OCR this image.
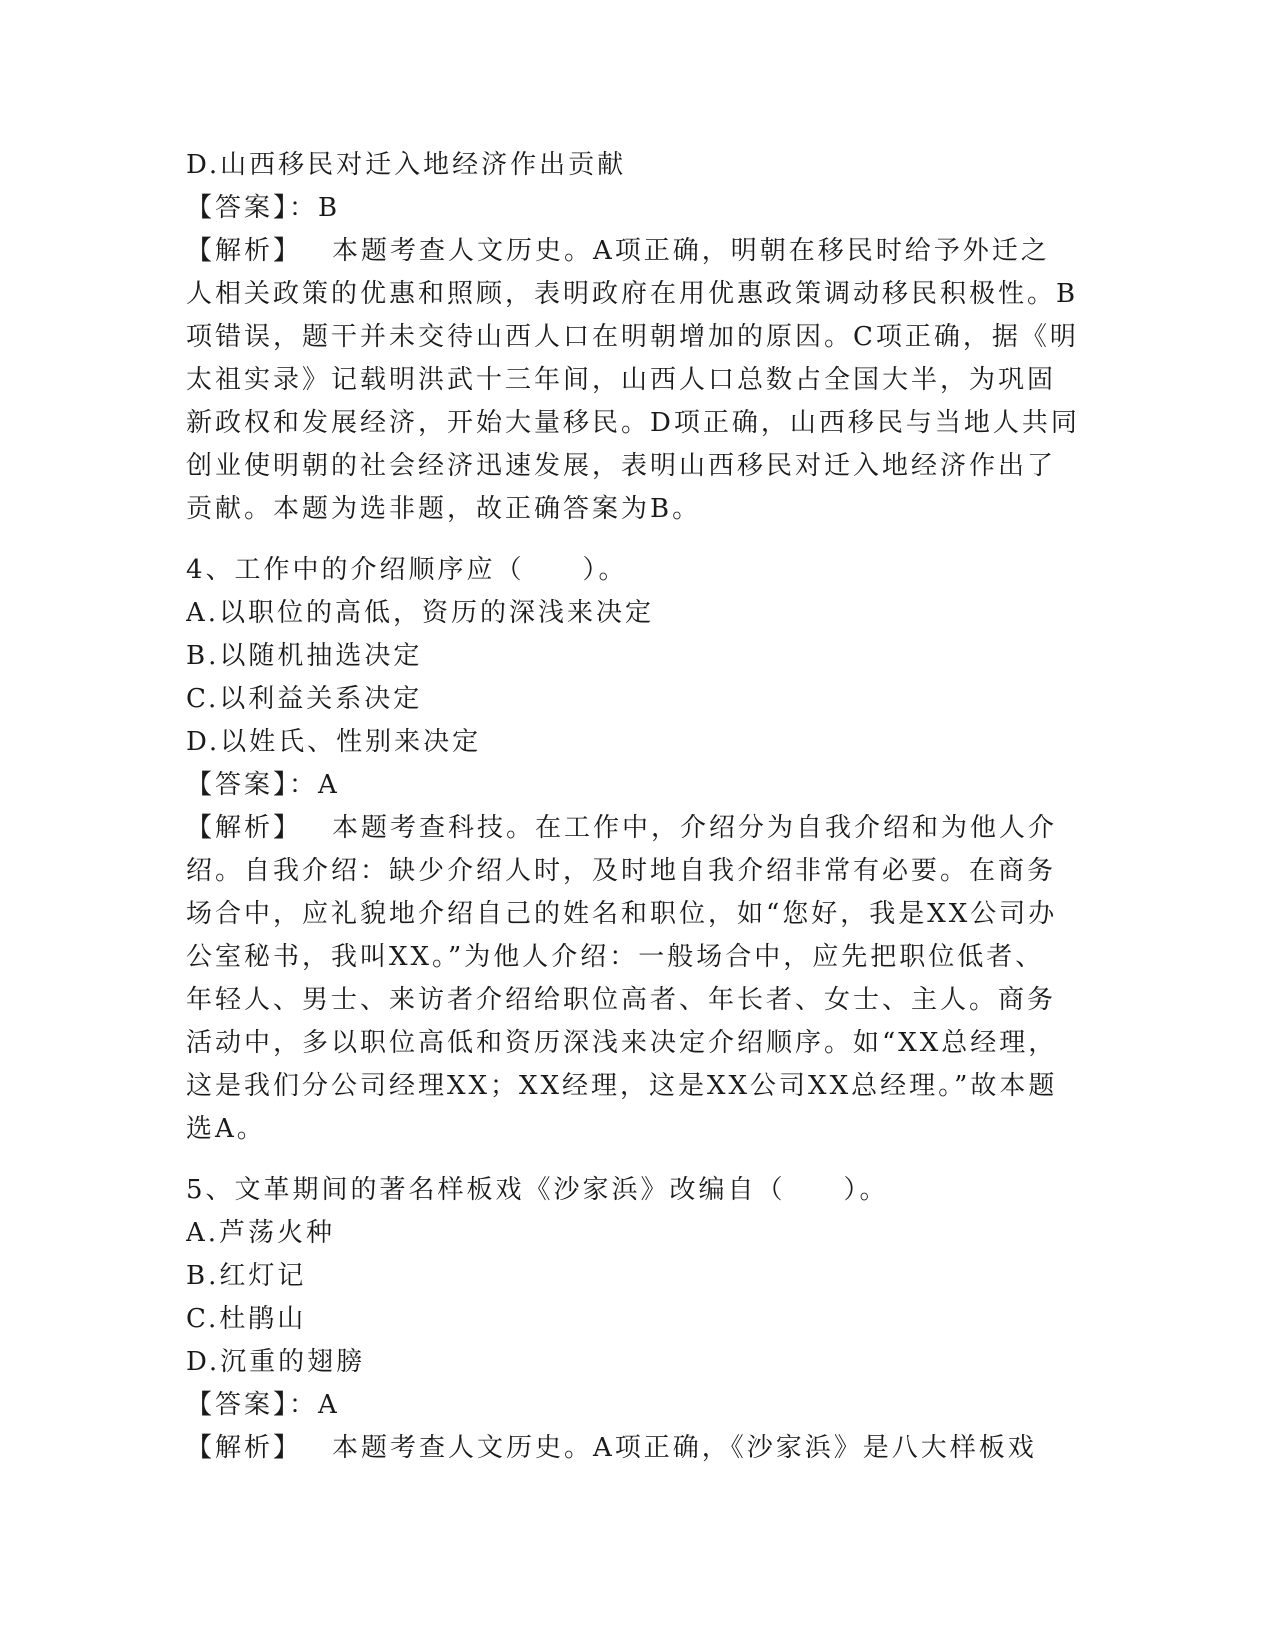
D.山西移民对迁入地经济作出贡献
【答案】：B
【解析】 本题考查人文历史。A项正确，明朝在移民时给予外迁之
人相关政策的优惠和照顾，表明政府在用优惠政策调动移民积极性。B
项错误，题干并未交待山西人口在明朝增加的原因。C项正确，据《明
太祖实录》记载明洪武十三年间，山西人口总数占全国大半，为巩固
新政权和发展经济，开始大量移民。D项正确，山西移民与当地人共同
创业使明朝的社会经济迅速发展，表明山西移民对迁入地经济作出了
贡献。本题为选非题，故正确答案为B。
4、工作中的介绍顺序应（　　）。
A.以职位的高低，资历的深浅来决定
B.以随机抽选决定
C.以利益关系决定
D.以姓氏、性别来决定
【答案】：A
【解析】 本题考查科技。在工作中，介绍分为自我介绍和为他人介
绍。自我介绍：缺少介绍人时，及时地自我介绍非常有必要。在商务
场合中，应礼貌地介绍自己的姓名和职位，如“您好，我是XX公司办
公室秘书，我叫XX。”为他人介绍：一般场合中，应先把职位低者、
年轻人、男士、来访者介绍给职位高者、年长者、女士、主人。商务
活动中，多以职位高低和资历深浅来决定介绍顺序。如“XX总经理，
这是我们分公司经理XX；XX经理，这是XX公司XX总经理。”故本题
选A。
5、文革期间的著名样板戏《沙家浜》改编自（　　）。
A.芦荡火种
B.红灯记
C.杜鹃山
D.沉重的翅膀
【答案】：A
【解析】 本题考查人文历史。A项正确，《沙家浜》是八大样板戏
